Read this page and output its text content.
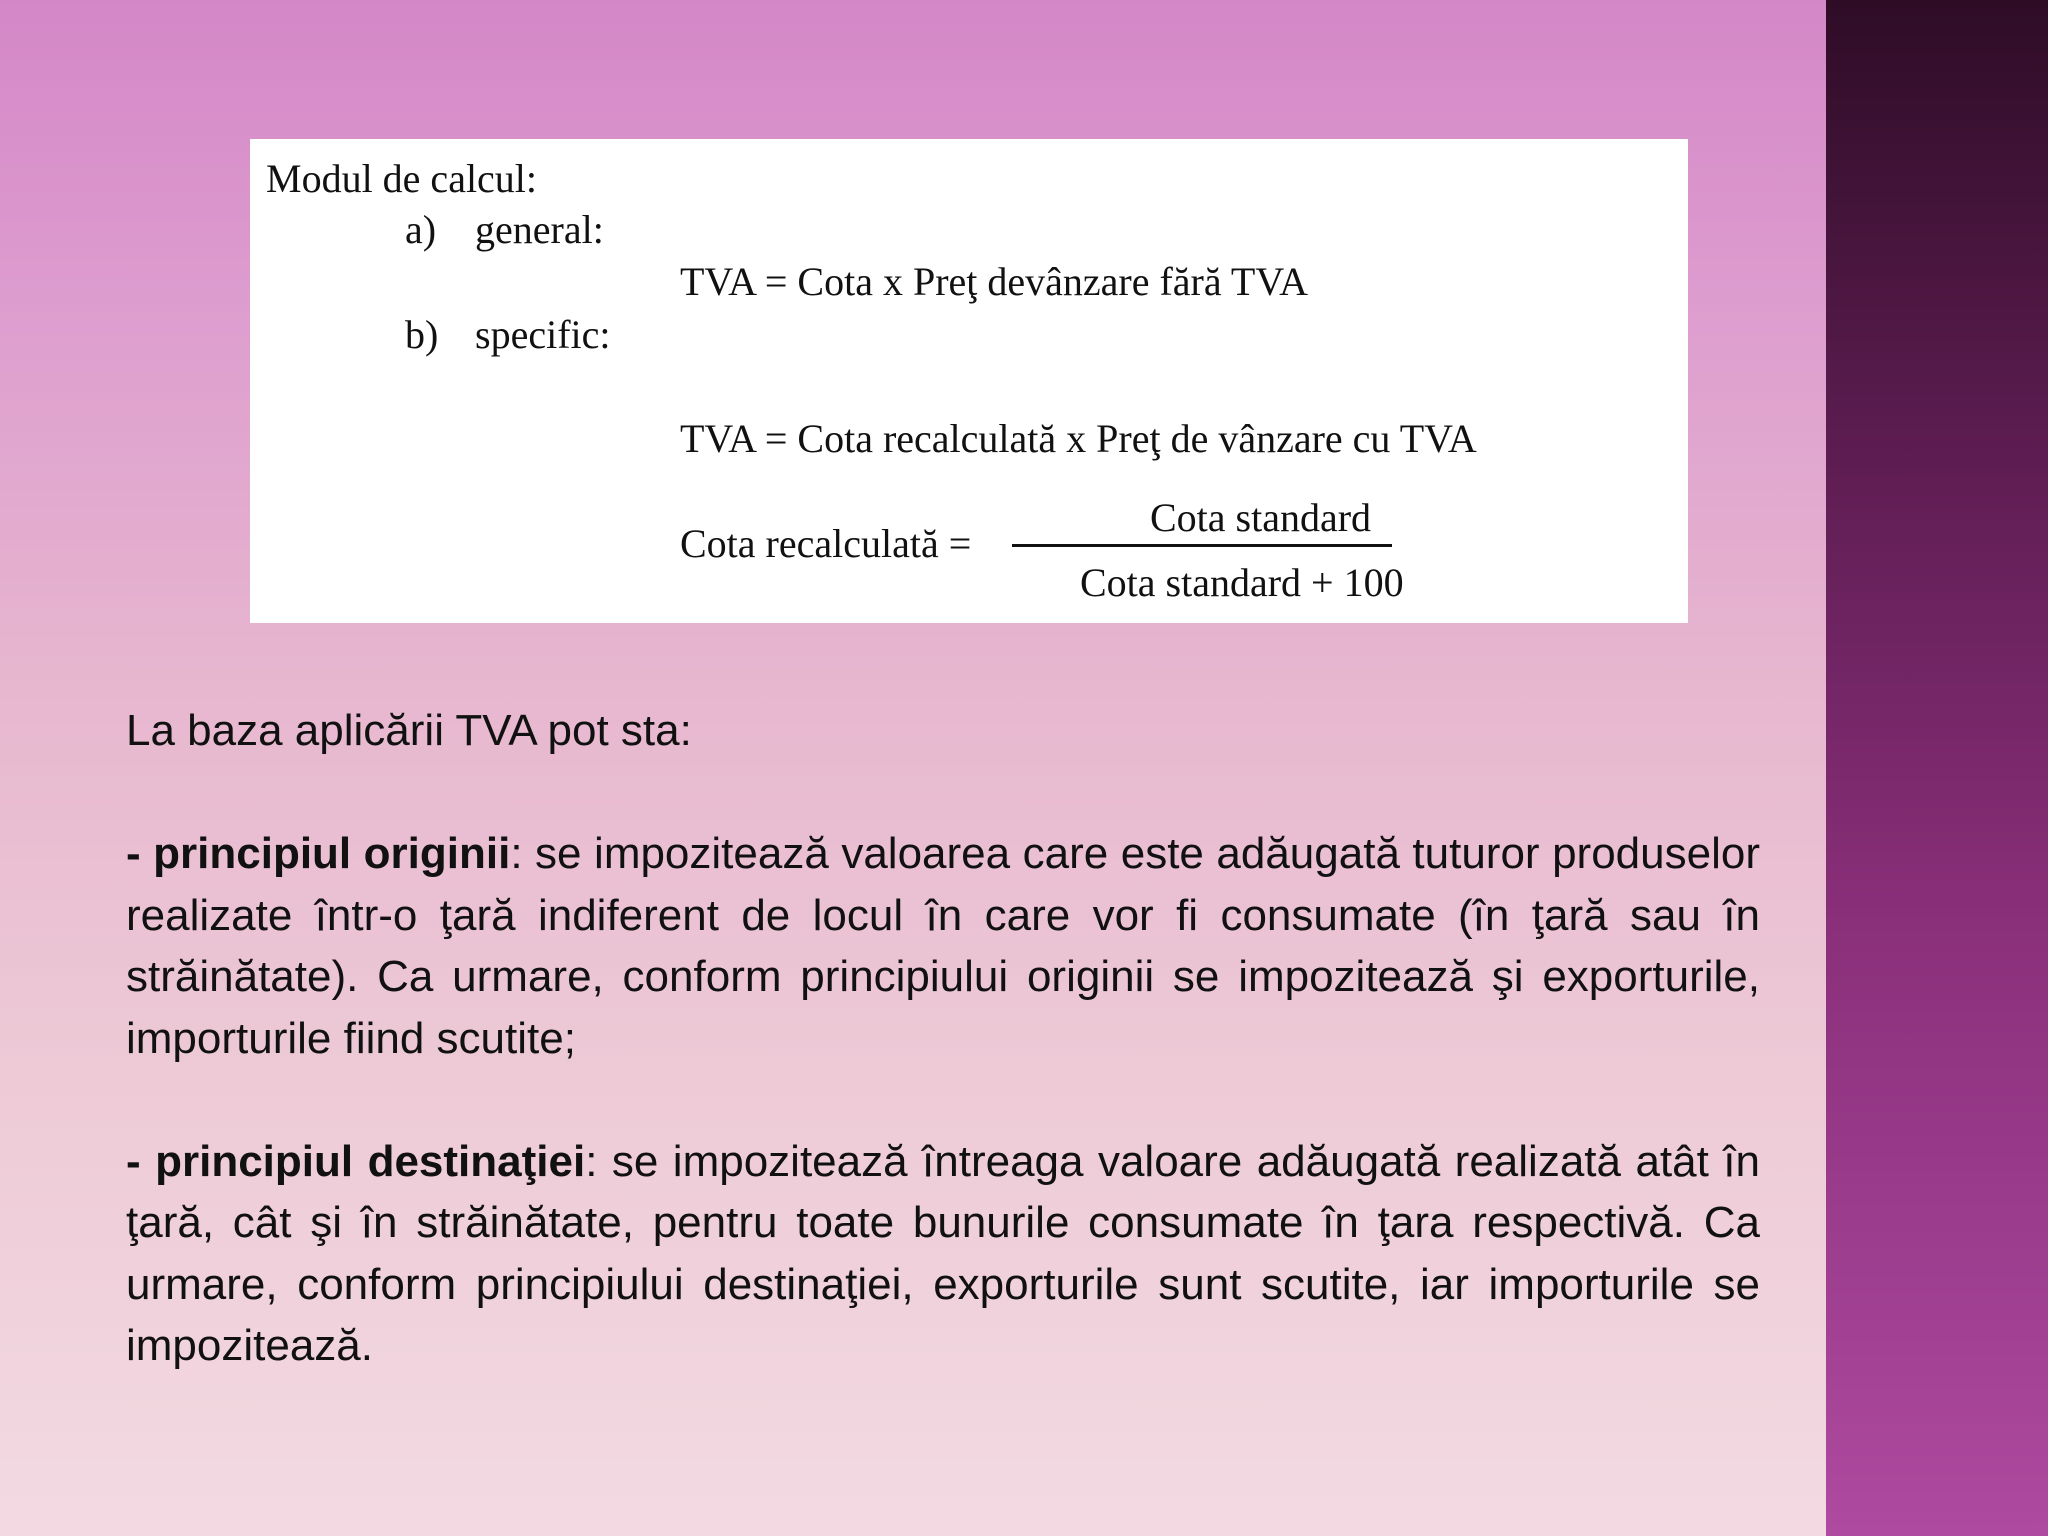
Modul de calcul:
a) general:
TVA = Cota x Preţ devânzare fără TVA
b) specific:
TVA = Cota recalculată x Preţ de vânzare cu TVA
Cota recalculată =
Cota standard
Cota standard + 100

La baza aplicării TVA pot sta:

- principiul originii: se impozitează valoarea care este adăugată tuturor produselor realizate într-o ţară indiferent de locul în care vor fi consumate (în ţară sau în străinătate). Ca urmare, conform principiului originii se impozitează şi exporturile, importurile fiind scutite;

- principiul destinaţiei: se impozitează întreaga valoare adăugată realizată atât în ţară, cât şi în străinătate, pentru toate bunurile consumate în ţara respectivă. Ca urmare, conform principiului destinaţiei, exporturile sunt scutite, iar importurile se impozitează.
